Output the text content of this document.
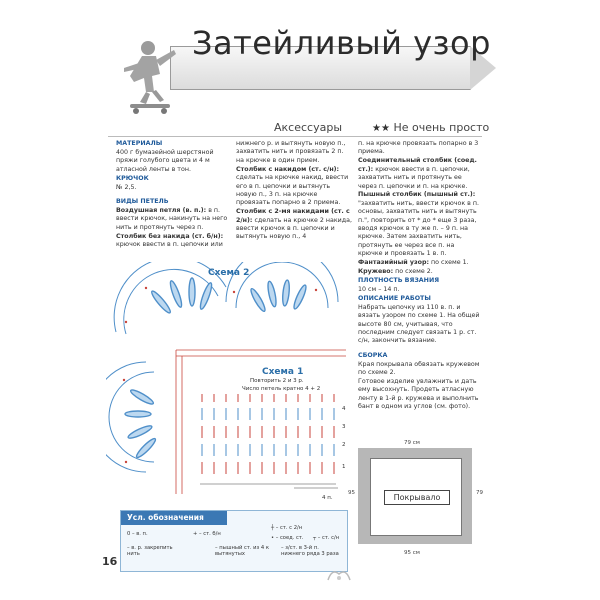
Затейливый узор
Аксессуары	★★ Не очень просто

МАТЕРИАЛЫ

400 г бумазейной шерстяной пряжи голубого цвета и 4 м атласной ленты в тон.

КРЮЧОК

№ 2,5.

ВИДЫ ПЕТЕЛЬ

Воздушная петля (в. п.): в п. ввести крючок, накинуть на него нить и протянуть через п.

Столбик без накида (ст. б/н): крючок ввести в п. цепочки или

нижнего р. и вытянуть новую п., захватить нить и провязать 2 п. на крючке в один прием.

Столбик с накидом (ст. с/н): сделать на крючке накид, ввести его в п. цепочки и вытянуть новую п., 3 п. на крючке провязать попарно в 2 приема.

Столбик с 2-мя накидами (ст. с 2/н): сделать на крючке 2 накида, ввести крючок в п. цепочки и вытянуть новую п., 4

п. на крючке провязать попарно в 3 приема.

Соединительный столбик (соед. ст.): крючок ввести в п. цепочки, захватить нить и протянуть ее через п. цепочки и п. на крючке.

Пышный столбик (пышный ст.): "захватить нить, ввести крючок в п. основы, захватить нить и вытянуть п.", повторить от * до * еще 3 раза, вводя крючок в ту же п. – 9 п. на крючке. Затем захватить нить, протянуть ее через все п. на крючке и провязать 1 в. п.

Фантазийный узор: по схеме 1.

Кружево: по схеме 2.

ПЛОТНОСТЬ ВЯЗАНИЯ

10 см – 14 п.

ОПИСАНИЕ РАБОТЫ

Набрать цепочку из 110 в. п. и вязать узором по схеме 1. На общей высоте 80 см, учитывая, что последним следует связать 1 р. ст. с/н, закончить вязание.

СБОРКА

Края покрывала обвязать кружевом по схеме 2.

Готовое изделие увлажнить и дать ему высохнуть. Продеть атласную ленту в 1-й р. кружева и выполнить бант в одном из углов (см. фото).

Схема 2
Схема 1
Повторить 2 и 3 р.
Число петель кратно 4 + 2
4
3
2
1
4 п.
Усл. обозначения
0 – в. п.	+ – ст. б/н
┼ – ст. с 2/н
• – соед. ст. ┬ – ст. с/н
– в. р. закрепить нить
– пышный ст. из 4 к вытянутых
– з/ст. в 3-й п. нижнего ряда 3 раза
16
Покрывало
79 см
79
95
95 см
